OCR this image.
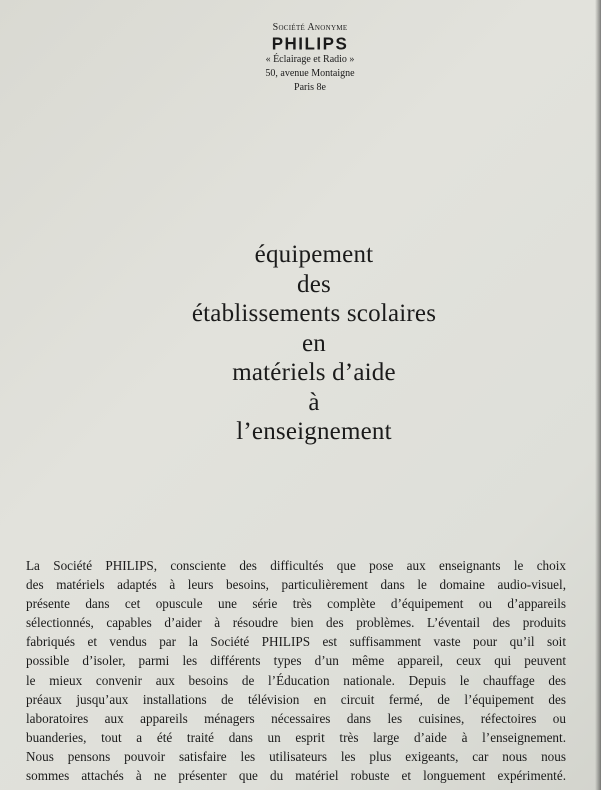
Société Anonyme
PHILIPS
« Éclairage et Radio »
50, avenue Montaigne
Paris 8e
équipement
des
établissements scolaires
en
matériels d’aide
à
l’enseignement
La Société PHILIPS, consciente des difficultés que pose aux enseignants le choix
des matériels adaptés à leurs besoins, particulièrement dans le domaine audio-visuel,
présente dans cet opuscule une série très complète d’équipement ou d’appareils
sélectionnés, capables d’aider à résoudre bien des problèmes. L’éventail des produits
fabriqués et vendus par la Société PHILIPS est suffisamment vaste pour qu’il soit
possible d’isoler, parmi les différents types d’un même appareil, ceux qui peuvent
le mieux convenir aux besoins de l’Éducation nationale. Depuis le chauffage des
préaux jusqu’aux installations de télévision en circuit fermé, de l’équipement des
laboratoires aux appareils ménagers nécessaires dans les cuisines, réfectoires ou
buanderies, tout a été traité dans un esprit très large d’aide à l’enseignement.
Nous pensons pouvoir satisfaire les utilisateurs les plus exigeants, car nous nous
sommes attachés à ne présenter que du matériel robuste et longuement expérimenté.
